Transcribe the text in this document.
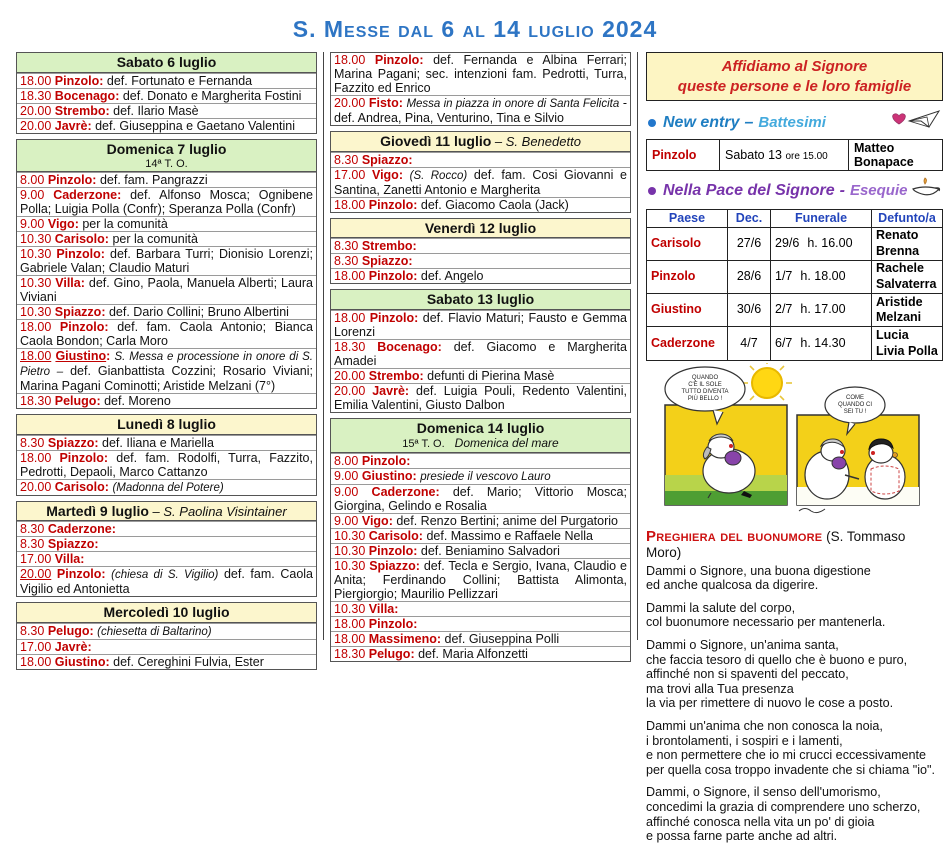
S. Messe dal 6 al 14 luglio 2024
Sabato 6 luglio
18.00 Pinzolo: def. Fortunato e Fernanda
18.30 Bocenago: def. Donato e Margherita Fostini
20.00 Strembo: def. Ilario Masè
20.00 Javrè: def. Giuseppina e Gaetano Valentini
Domenica 7 luglio
14ª T. O.
8.00 Pinzolo: def. fam. Pangrazzi
9.00 Caderzone: def. Alfonso Mosca; Ognibene Polla; Luigia Polla (Confr); Speranza Polla (Confr)
9.00 Vigo: per la comunità
10.30 Carisolo: per la comunità
10.30 Pinzolo: def. Barbara Turri; Dionisio Lorenzi; Gabriele Valan; Claudio Maturi
10.30 Villa: def. Gino, Paola, Manuela Alberti; Laura Viviani
10.30 Spiazzo: def. Dario Collini; Bruno Albertini
18.00 Pinzolo: def. fam. Caola Antonio; Bianca Caola Bondon; Carla Moro
18.00 Giustino: S. Messa e processione in onore di S. Pietro – def. Gianbattista Cozzini; Rosario Viviani; Marina Pagani Cominotti; Aristide Melzani (7°)
18.30 Pelugo: def. Moreno
Lunedì 8 luglio
8.30 Spiazzo: def. Iliana e Mariella
18.00 Pinzolo: def. fam. Rodolfi, Turra, Fazzito, Pedrotti, Depaoli, Marco Cattanzo
20.00 Carisolo: (Madonna del Potere)
Martedì 9 luglio – S. Paolina Visintainer
8.30 Caderzone:
8.30 Spiazzo:
17.00 Villa:
20.00 Pinzolo: (chiesa di S. Vigilio) def. fam. Caola Vigilio ed Antonietta
Mercoledì 10 luglio
8.30 Pelugo: (chiesetta di Baltarino)
17.00 Javrè:
18.00 Giustino: def. Cereghini Fulvia, Ester
18.00 Pinzolo: def. Fernanda e Albina Ferrari; Marina Pagani; sec. intenzioni fam. Pedrotti, Turra, Fazzito ed Enrico
20.00 Fisto: Messa in piazza in onore di Santa Felicita - def. Andrea, Pina, Venturino, Tina e Silvio
Giovedì 11 luglio – S. Benedetto
8.30 Spiazzo:
17.00 Vigo: (S. Rocco) def. fam. Cosi Giovanni e Santina, Zanetti Antonio e Margherita
18.00 Pinzolo: def. Giacomo Caola (Jack)
Venerdì 12 luglio
8.30 Strembo:
8.30 Spiazzo:
18.00 Pinzolo: def. Angelo
Sabato 13 luglio
18.00 Pinzolo: def. Flavio Maturi; Fausto e Gemma Lorenzi
18.30 Bocenago: def. Giacomo e Margherita Amadei
20.00 Strembo: defunti di Pierina Masè
20.00 Javrè: def. Luigia Pouli, Redento Valentini, Emilia Valentini, Giusto Dalbon
Domenica 14 luglio
15ª T. O. Domenica del mare
8.00 Pinzolo:
9.00 Giustino: presiede il vescovo Lauro
9.00 Caderzone: def. Mario; Vittorio Mosca; Giorgina, Gelindo e Rosalia
9.00 Vigo: def. Renzo Bertini; anime del Purgatorio
10.30 Carisolo: def. Massimo e Raffaele Nella
10.30 Pinzolo: def. Beniamino Salvadori
10.30 Spiazzo: def. Tecla e Sergio, Ivana, Claudio e Anita; Ferdinando Collini; Battista Alimonta, Piergiorgio; Maurilio Pellizzari
10.30 Villa:
18.00 Pinzolo:
18.00 Massimeno: def. Giuseppina Polli
18.30 Pelugo: def. Maria Alfonzetti
Affidiamo al Signore
queste persone e le loro famiglie
New entry – Battesimi
Pinzolo	Sabato 13 ore 15.00	Matteo Bonapace
Nella Pace del Signore - Esequie
Paese	Dec.	Funerale	Defunto/a
Carisolo	27/6	29/6 h. 16.00	Renato Brenna
Pinzolo	28/6	1/7 h. 18.00	Rachele Salvaterra
Giustino	30/6	2/7 h. 17.00	Aristide Melzani
Caderzone	4/7	6/7 h. 14.30	Lucia Livia Polla
QUANDO C'È IL SOLE TUTTO DIVENTA PIÙ BELLO !	COME QUANDO CI SEI TU !
Preghiera del buonumore (S. Tommaso Moro)
Dammi o Signore, una buona digestione
ed anche qualcosa da digerire.
Dammi la salute del corpo,
col buonumore necessario per mantenerla.
Dammi o Signore, un'anima santa,
che faccia tesoro di quello che è buono e puro,
affinché non si spaventi del peccato,
ma trovi alla Tua presenza
la via per rimettere di nuovo le cose a posto.
Dammi un'anima che non conosca la noia,
i brontolamenti, i sospiri e i lamenti,
e non permettere che io mi crucci eccessivamente
per quella cosa troppo invadente che si chiama "io".
Dammi, o Signore, il senso dell'umorismo,
concedimi la grazia di comprendere uno scherzo,
affinché conosca nella vita un po' di gioia
e possa farne parte anche ad altri.
